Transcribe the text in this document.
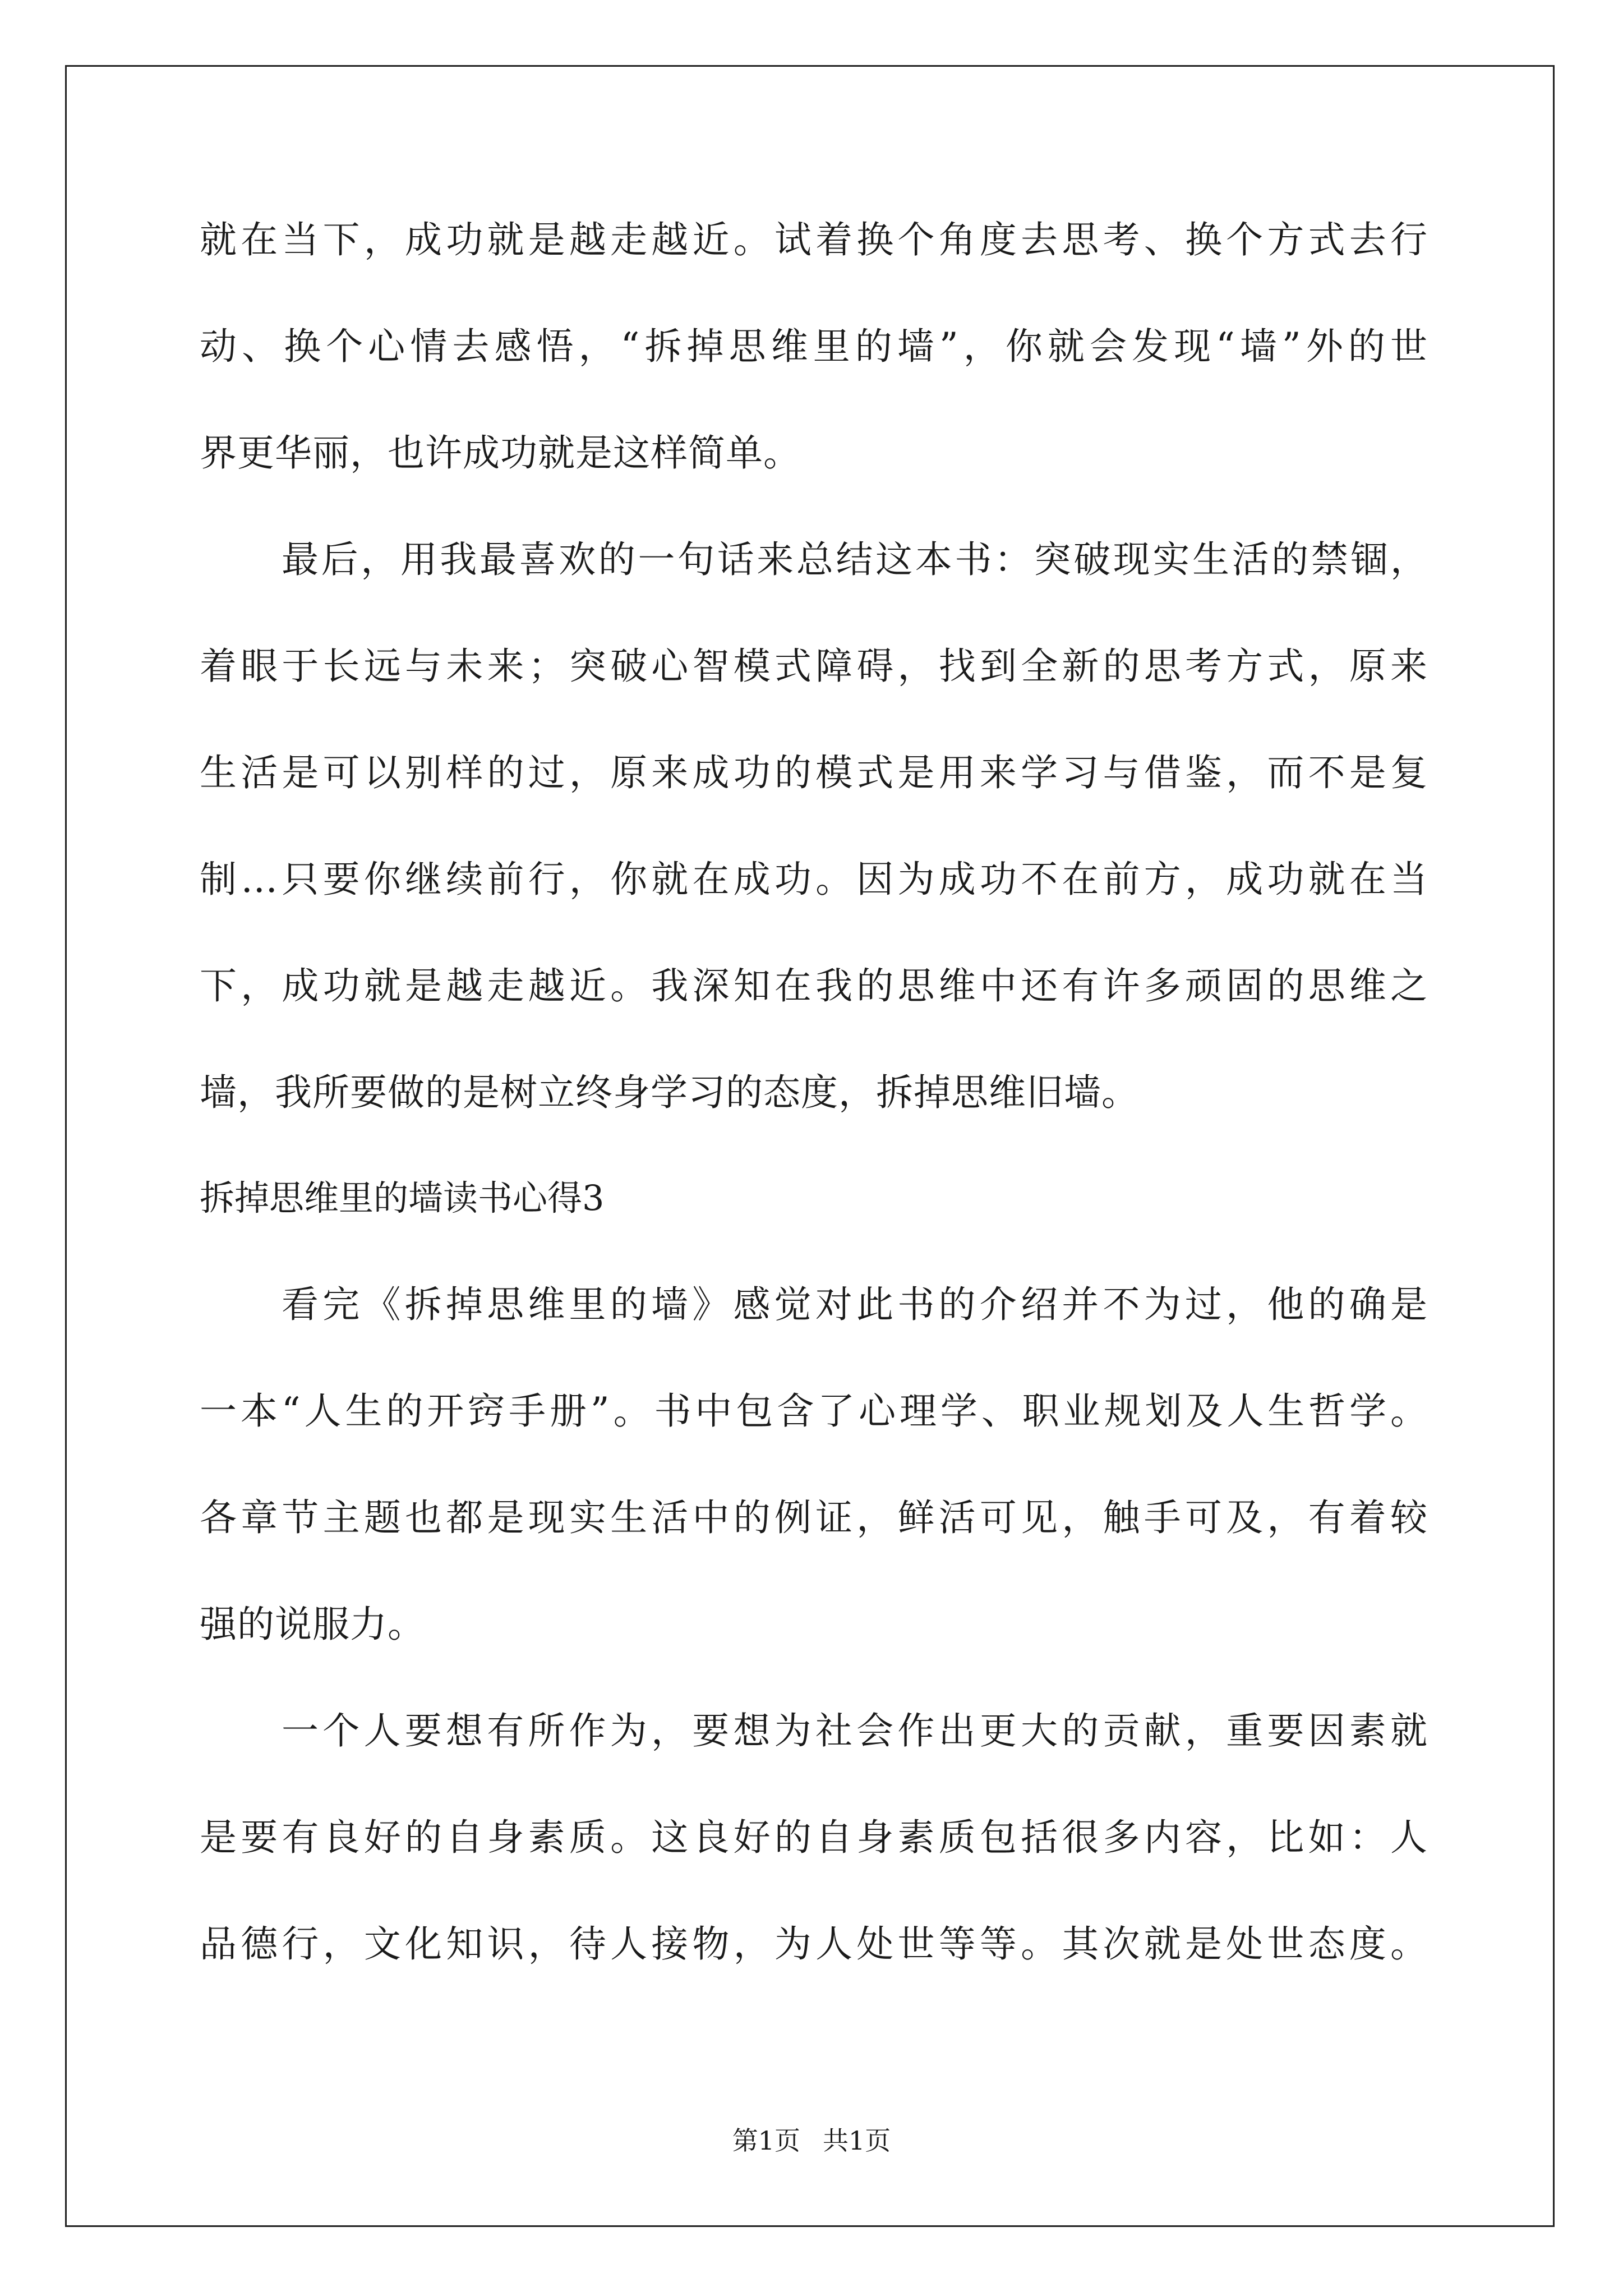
就在当下，成功就是越走越近。试着换个角度去思考、换个方式去行
动、换个心情去感悟，“拆掉思维里的墙”，你就会发现“墙”外的世
界更华丽，也许成功就是这样简单。
最后，用我最喜欢的一句话来总结这本书：突破现实生活的禁锢，
着眼于长远与未来；突破心智模式障碍，找到全新的思考方式，原来
生活是可以别样的过，原来成功的模式是用来学习与借鉴，而不是复
制…只要你继续前行，你就在成功。因为成功不在前方，成功就在当
下，成功就是越走越近。我深知在我的思维中还有许多顽固的思维之
墙，我所要做的是树立终身学习的态度，拆掉思维旧墙。
拆掉思维里的墙读书心得3
看完《拆掉思维里的墙》感觉对此书的介绍并不为过，他的确是
一本“人生的开窍手册”。书中包含了心理学、职业规划及人生哲学。
各章节主题也都是现实生活中的例证，鲜活可见，触手可及，有着较
强的说服力。
一个人要想有所作为，要想为社会作出更大的贡献，重要因素就
是要有良好的自身素质。这良好的自身素质包括很多内容，比如：人
品德行，文化知识，待人接物，为人处世等等。其次就是处世态度。
第1页 共1页
